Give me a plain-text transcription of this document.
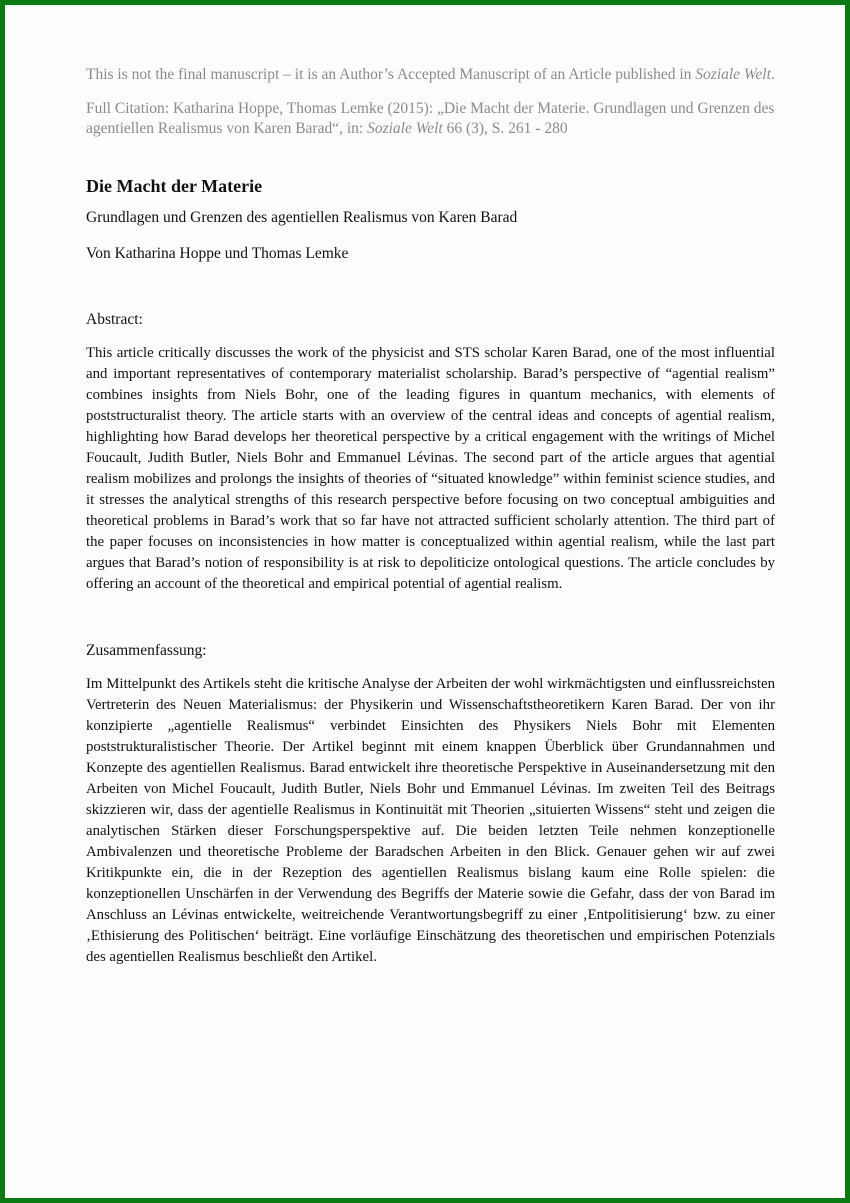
This is not the final manuscript – it is an Author’s Accepted Manuscript of an Article published in Soziale Welt.

Full Citation: Katharina Hoppe, Thomas Lemke (2015): „Die Macht der Materie. Grundlagen und Grenzen des agentiellen Realismus von Karen Barad“, in: Soziale Welt 66 (3), S. 261 - 280

Die Macht der Materie
Grundlagen und Grenzen des agentiellen Realismus von Karen Barad
Von Katharina Hoppe und Thomas Lemke
Abstract:

This article critically discusses the work of the physicist and STS scholar Karen Barad, one of the most influential and important representatives of contemporary materialist scholarship. Barad’s perspective of “agential realism” combines insights from Niels Bohr, one of the leading figures in quantum mechanics, with elements of poststructuralist theory. The article starts with an overview of the central ideas and concepts of agential realism, highlighting how Barad develops her theoretical perspective by a critical engagement with the writings of Michel Foucault, Judith Butler, Niels Bohr and Emmanuel Lévinas. The second part of the article argues that agential realism mobilizes and prolongs the insights of theories of “situated knowledge” within feminist science studies, and it stresses the analytical strengths of this research perspective before focusing on two conceptual ambiguities and theoretical problems in Barad’s work that so far have not attracted sufficient scholarly attention. The third part of the paper focuses on inconsistencies in how matter is conceptualized within agential realism, while the last part argues that Barad’s notion of responsibility is at risk to depoliticize ontological questions. The article concludes by offering an account of the theoretical and empirical potential of agential realism.

Zusammenfassung:

Im Mittelpunkt des Artikels steht die kritische Analyse der Arbeiten der wohl wirkmächtigsten und einflussreichsten Vertreterin des Neuen Materialismus: der Physikerin und Wissenschaftstheoretikern Karen Barad. Der von ihr konzipierte „agentielle Realismus“ verbindet Einsichten des Physikers Niels Bohr mit Elementen poststrukturalistischer Theorie. Der Artikel beginnt mit einem knappen Überblick über Grundannahmen und Konzepte des agentiellen Realismus. Barad entwickelt ihre theoretische Perspektive in Auseinandersetzung mit den Arbeiten von Michel Foucault, Judith Butler, Niels Bohr und Emmanuel Lévinas. Im zweiten Teil des Beitrags skizzieren wir, dass der agentielle Realismus in Kontinuität mit Theorien „situierten Wissens“ steht und zeigen die analytischen Stärken dieser Forschungsperspektive auf. Die beiden letzten Teile nehmen konzeptionelle Ambivalenzen und theoretische Probleme der Baradschen Arbeiten in den Blick. Genauer gehen wir auf zwei Kritikpunkte ein, die in der Rezeption des agentiellen Realismus bislang kaum eine Rolle spielen: die konzeptionellen Unschärfen in der Verwendung des Begriffs der Materie sowie die Gefahr, dass der von Barad im Anschluss an Lévinas entwickelte, weitreichende Verantwortungsbegriff zu einer ‚Entpolitisierung‘ bzw. zu einer ‚Ethisierung des Politischen‘ beiträgt. Eine vorläufige Einschätzung des theoretischen und empirischen Potenzials des agentiellen Realismus beschließt den Artikel.
